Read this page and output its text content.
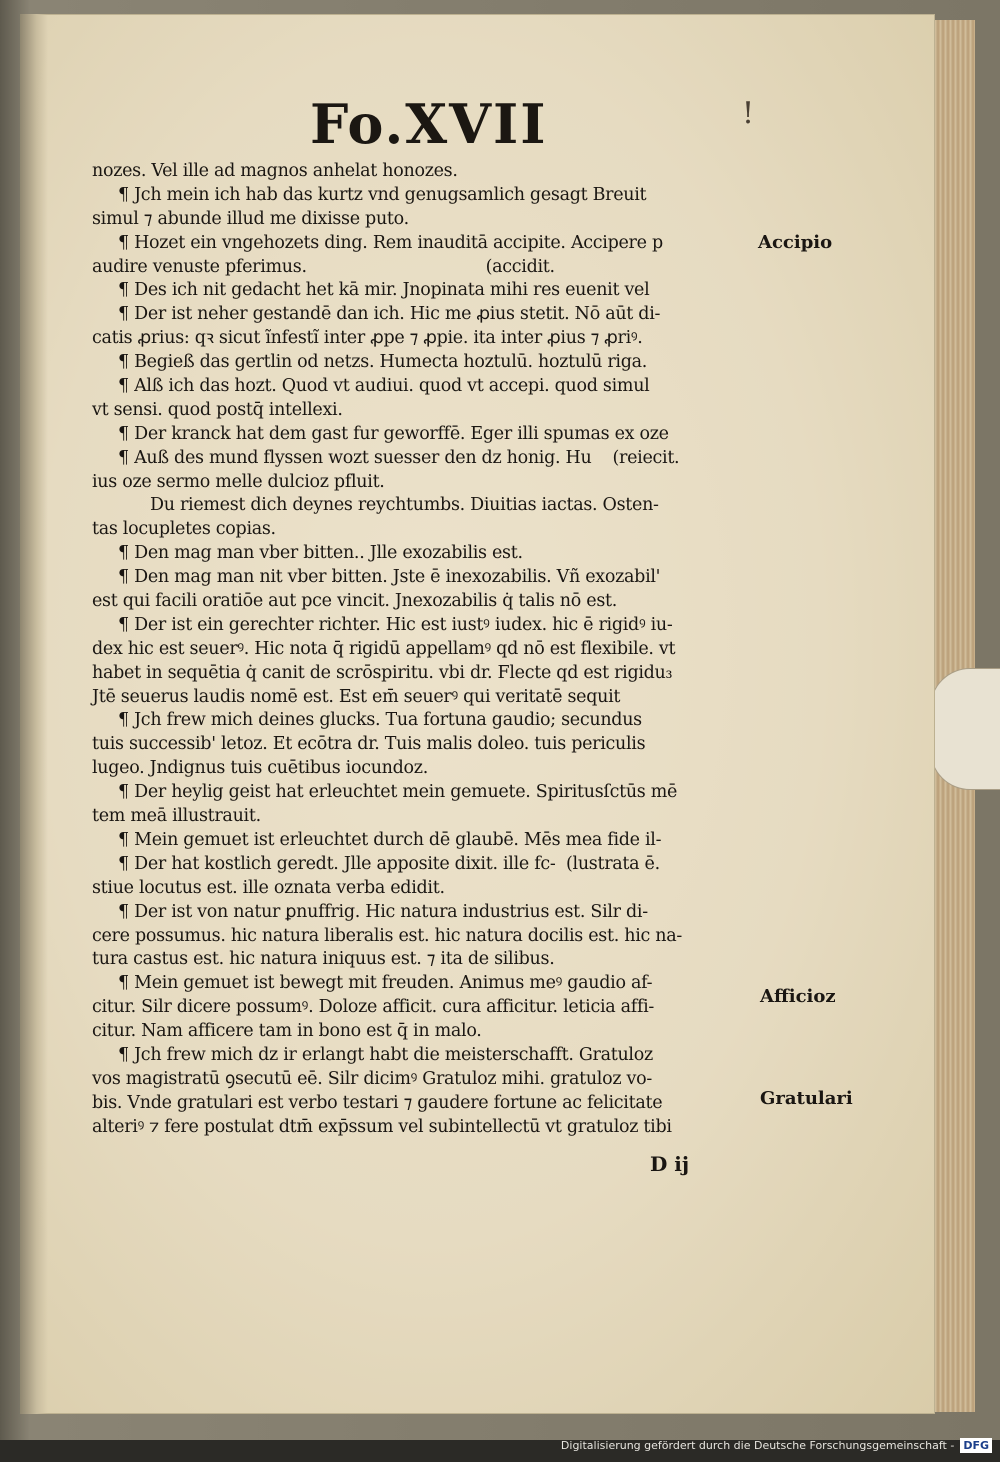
Fo.XVII	!
nozes. Vel ille ad magnos anhelat honozes.
¶ Jch mein ich hab das kurtz vnd genugsamlich gesagt Breuit
simul ⁊ abunde illud me dixisse puto.
¶ Hozet ein vngehozets ding. Rem inauditā accipite. Accipere p
audire venuste pferimus.                                  (accidit.
¶ Des ich nit gedacht het kā mir. Jnopinata mihi res euenit vel
¶ Der ist neher gestandē dan ich. Hic me ꝓius stetit. Nō aūt di-
catis ꝓrius: qꝛ sicut ĩnfestĩ inter ꝓpe ⁊ ꝓpie. ita inter ꝓius ⁊ ꝓriꝰ.
¶ Begieß das gertlin od netzs. Humecta hoztulū. hoztulū riga.
¶ Alß ich das hozt. Quod vt audiui. quod vt accepi. quod simul
vt sensi. quod postq̄ intellexi.
¶ Der kranck hat dem gast fur geworffē. Eger illi spumas ex oze
¶ Auß des mund flyssen wozt suesser den dz honig. Hu    (reiecit.
ius oze sermo melle dulcioz pfluit.
Du riemest dich deynes reychtumbs. Diuitias iactas. Osten-
tas locupletes copias.
¶ Den mag man vber bitten.. Jlle exozabilis est.
¶ Den mag man nit vber bitten. Jste ē inexozabilis. Vñ exozabil'
est qui facili oratiōe aut pce vincit. Jnexozabilis q̇ talis nō est.
¶ Der ist ein gerechter richter. Hic est iustꝰ iudex. hic ē rigidꝰ iu-
dex hic est seuerꝰ. Hic nota q̄ rigidū appellamꝰ qd nō est flexibile. vt
habet in sequētia q̇ canit de scrōspiritu. vbi dr. Flecte qd est rigidu₃
Jtē seuerus laudis nomē est. Est em̄ seuerꝰ qui veritatē sequit
¶ Jch frew mich deines glucks. Tua fortuna gaudio; secundus
tuis successib' letoz. Et ecōtra dr. Tuis malis doleo. tuis periculis
lugeo. Jndignus tuis cuētibus iocundoz.
¶ Der heylig geist hat erleuchtet mein gemuete. Spiritusſctūs mē
tem meā illustrauit.
¶ Mein gemuet ist erleuchtet durch dē glaubē. Mēs mea fide il-
¶ Der hat kostlich geredt. Jlle apposite dixit. ille fc-  (lustrata ē.
stiue locutus est. ille oznata verba edidit.
¶ Der ist von natur ꝑnuffrig. Hic natura industrius est. Silr di-
cere possumus. hic natura liberalis est. hic natura docilis est. hic na-
tura castus est. hic natura iniquus est. ⁊ ita de silibus.
¶ Mein gemuet ist bewegt mit freuden. Animus meꝰ gaudio af-
citur. Silr dicere possumꝰ. Doloze afficit. cura afficitur. leticia affi-
citur. Nam afficere tam in bono est q̄ in malo.
¶ Jch frew mich dz ir erlangt habt die meisterschafft. Gratuloz
vos magistratū ꝯsecutū eē. Silr dicimꝰ Gratuloz mihi. gratuloz vo-
bis. Vnde gratulari est verbo testari ⁊ gaudere fortune ac felicitate
alteriꝰ ⁊ fere postulat dtm̄ exp̄ssum vel subintellectū vt gratuloz tibi
Accipio
Afficioz
Gratulari
D ij
Digitalisierung gefördert durch die Deutsche Forschungsgemeinschaft - DFG
